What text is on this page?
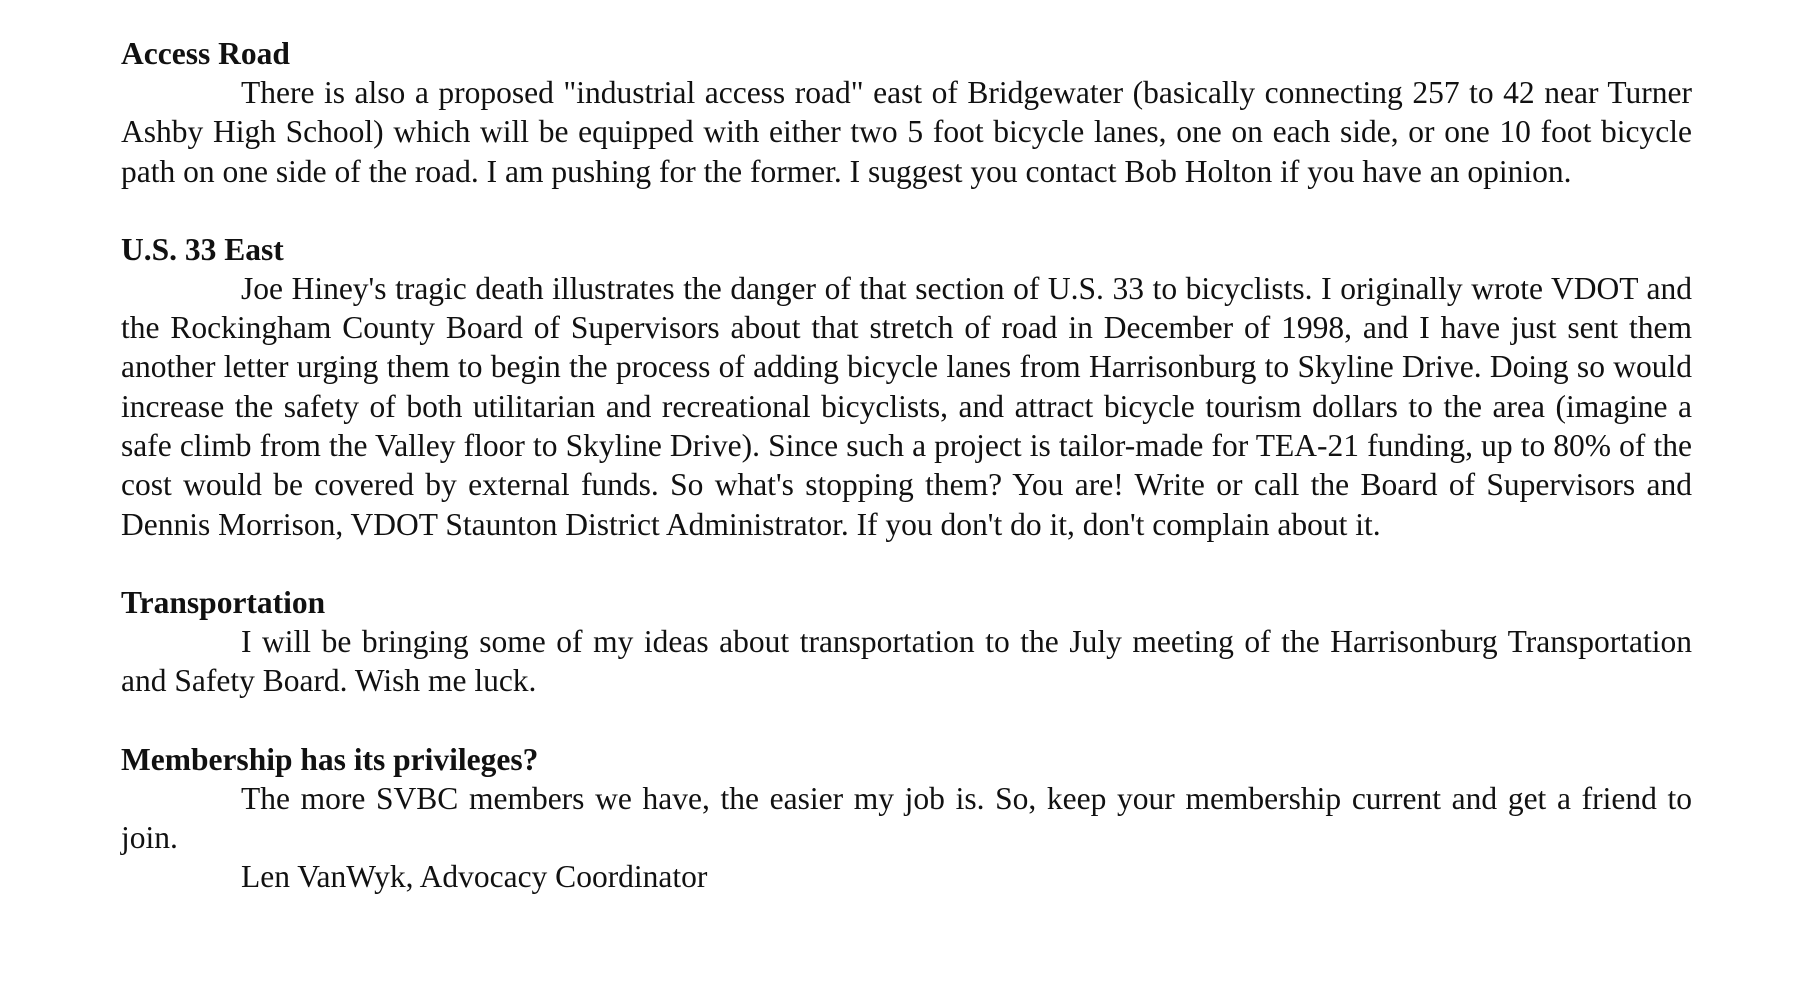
Access Road

There is also a proposed "industrial access road" east of Bridgewater (basically connecting 257 to 42 near Turner Ashby High School) which will be equipped with either two 5 foot bicycle lanes, one on each side, or one 10 foot bicycle path on one side of the road. I am pushing for the former. I suggest you contact Bob Holton if you have an opinion.

U.S. 33 East

Joe Hiney's tragic death illustrates the danger of that section of U.S. 33 to bicyclists. I originally wrote VDOT and the Rockingham County Board of Supervisors about that stretch of road in December of 1998, and I have just sent them another letter urging them to begin the process of adding bicycle lanes from Harrisonburg to Skyline Drive. Doing so would increase the safety of both utilitarian and recreational bicyclists, and attract bicycle tourism dollars to the area (imagine a safe climb from the Valley floor to Skyline Drive). Since such a project is tailor-made for TEA-21 funding, up to 80% of the cost would be covered by external funds. So what's stopping them? You are! Write or call the Board of Supervisors and Dennis Morrison, VDOT Staunton District Administrator. If you don't do it, don't complain about it.

Transportation

I will be bringing some of my ideas about transportation to the July meeting of the Harrisonburg Transportation and Safety Board. Wish me luck.

Membership has its privileges?

The more SVBC members we have, the easier my job is. So, keep your membership current and get a friend to join.

Len VanWyk, Advocacy Coordinator
